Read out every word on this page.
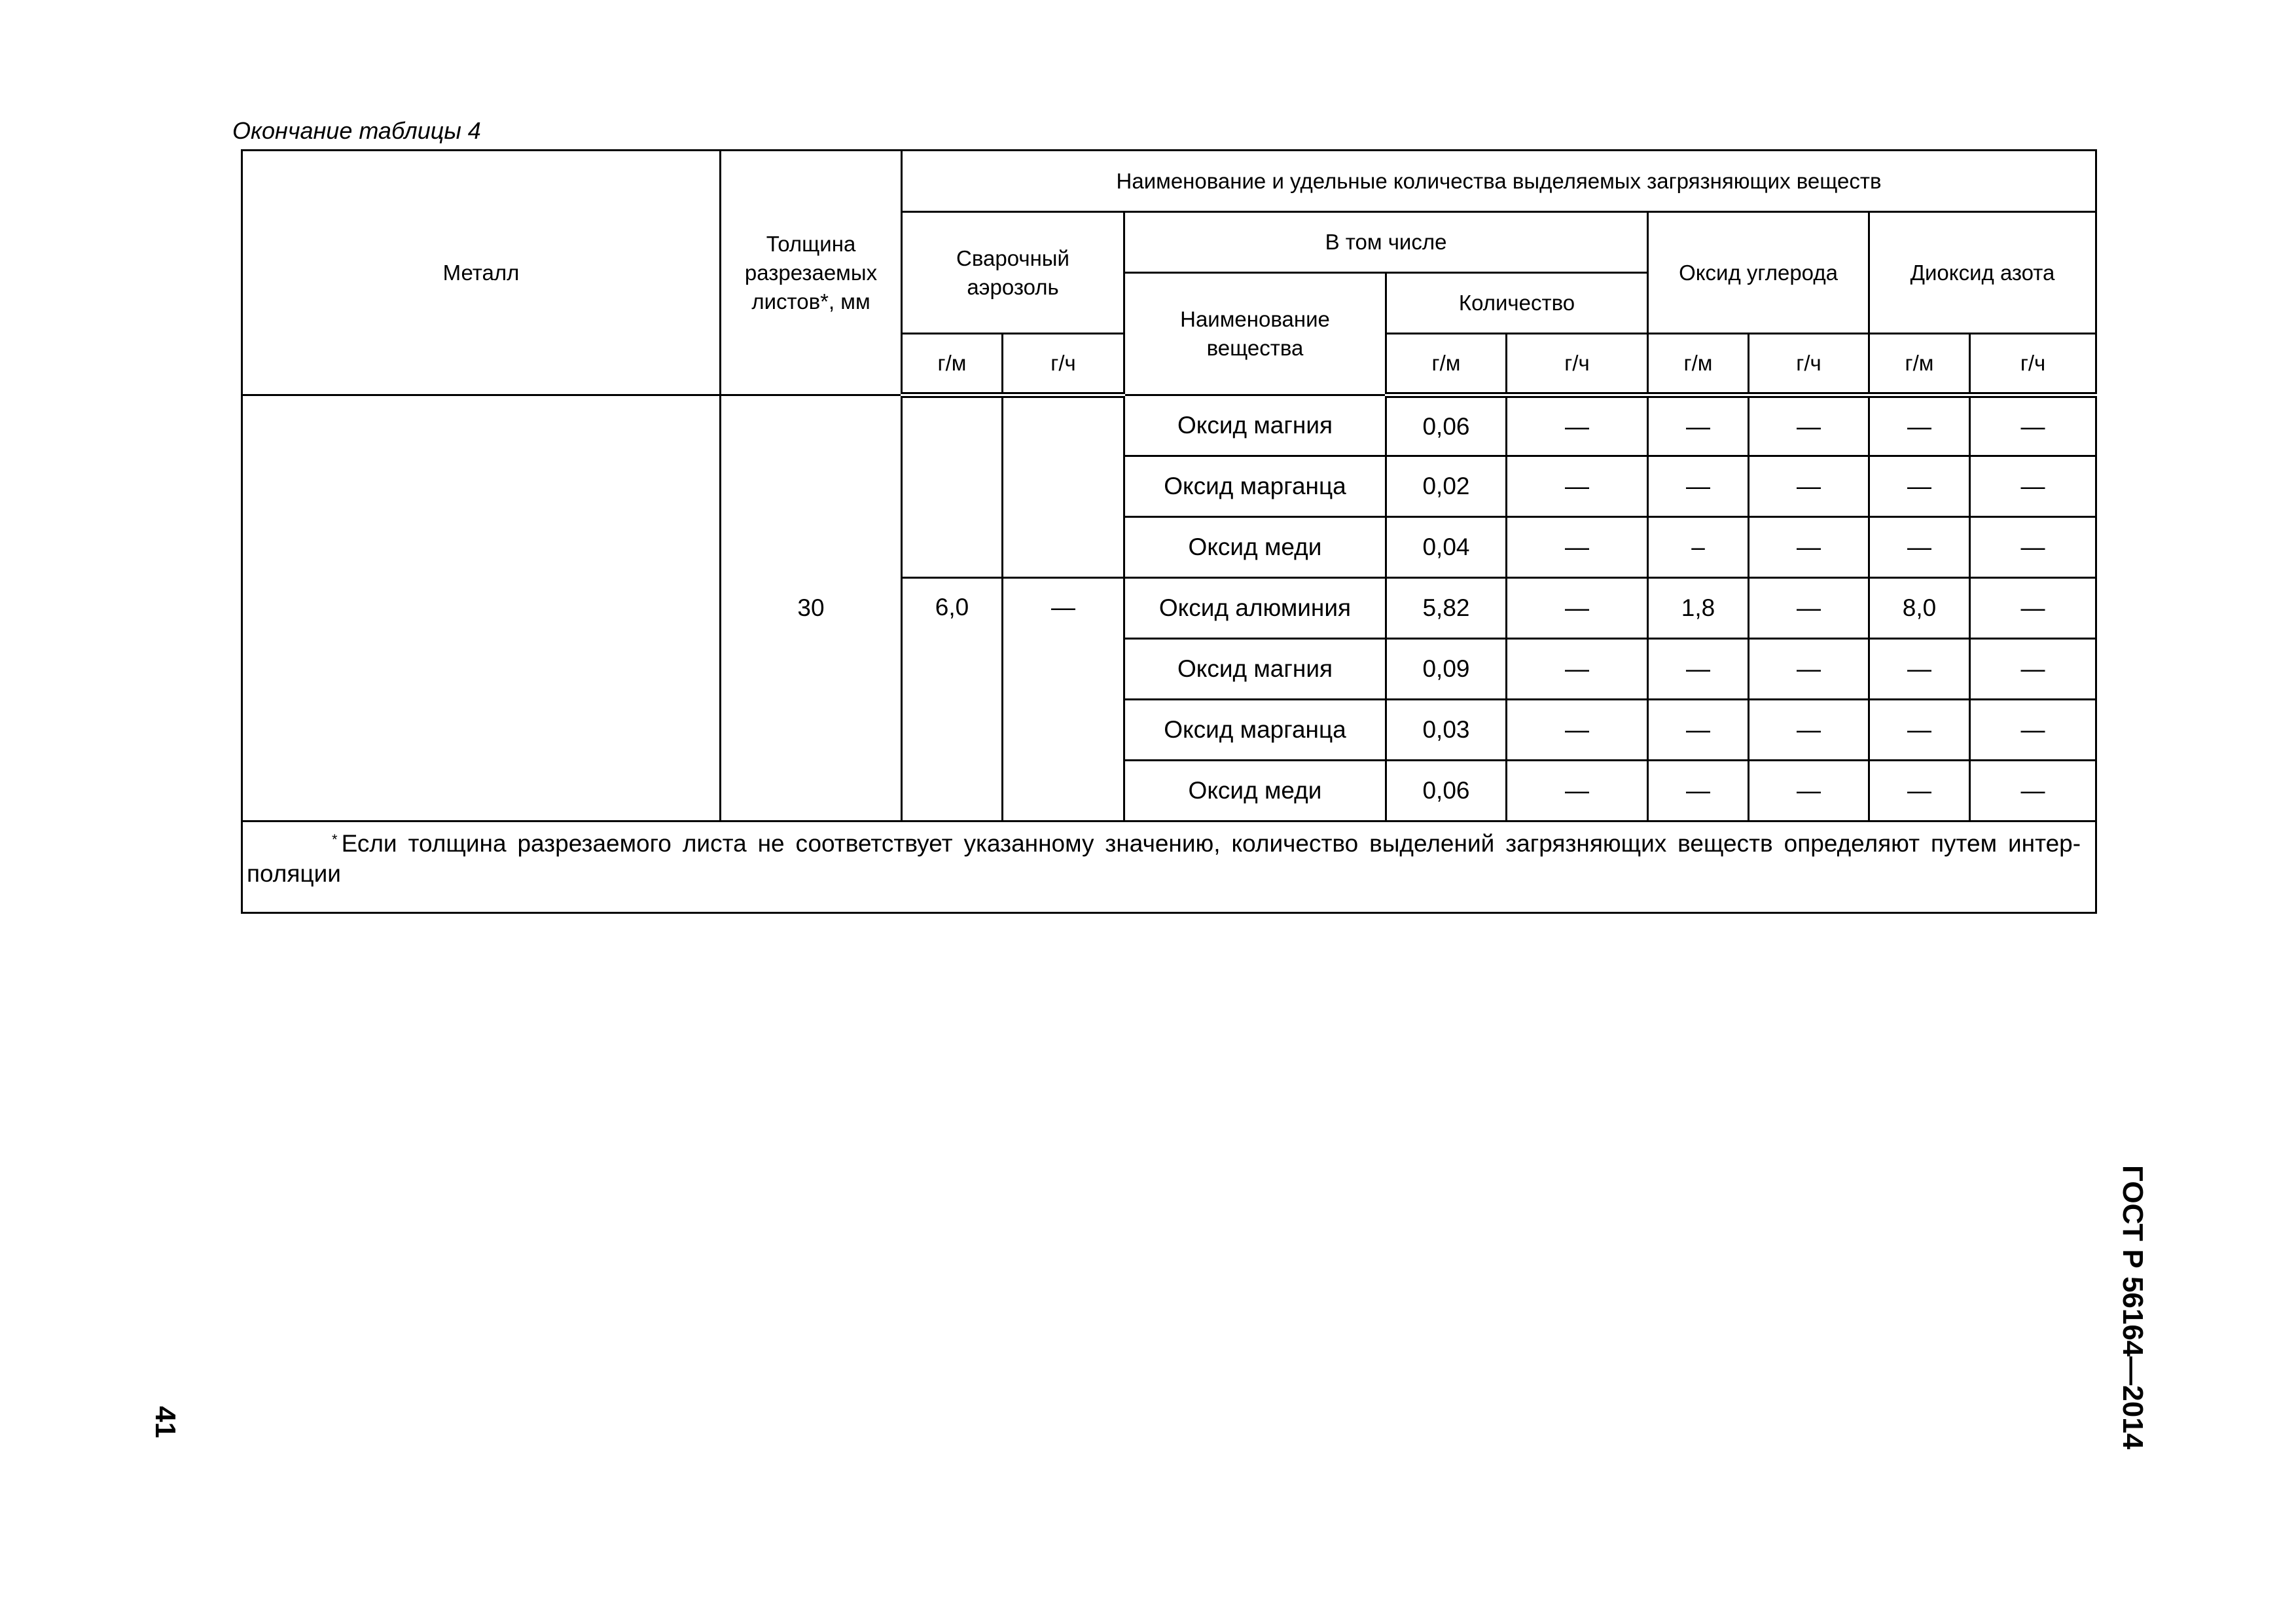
Окончание таблицы 4
Металл	Толщина разрезаемых листов*, мм	Наименование и удельные количества выделяемых загрязняющих веществ								
		Сварочный аэрозоль		В том числе			Оксид углерода		Диоксид азота	
				Наименование вещества	Количество					
		г/м	г/ч		г/м	г/ч	г/м	г/ч	г/м	г/ч
	30			Оксид магния	0,06	—	—	—	—	—
				Оксид марганца	0,02	—	—	—	—	—
				Оксид меди	0,04	—	–	—	—	—
		6,0	—	Оксид алюминия	5,82	—	1,8	—	8,0	—
				Оксид магния	0,09	—	—	—	—	—
				Оксид марганца	0,03	—	—	—	—	—
				Оксид меди	0,06	—	—	—	—	—
* Если толщина разрезаемого листа не соответствует указанному значению, количество выделений загрязняющих веществ определяют путем интер-поляции										
41	ГОСТ Р 56164—2014
